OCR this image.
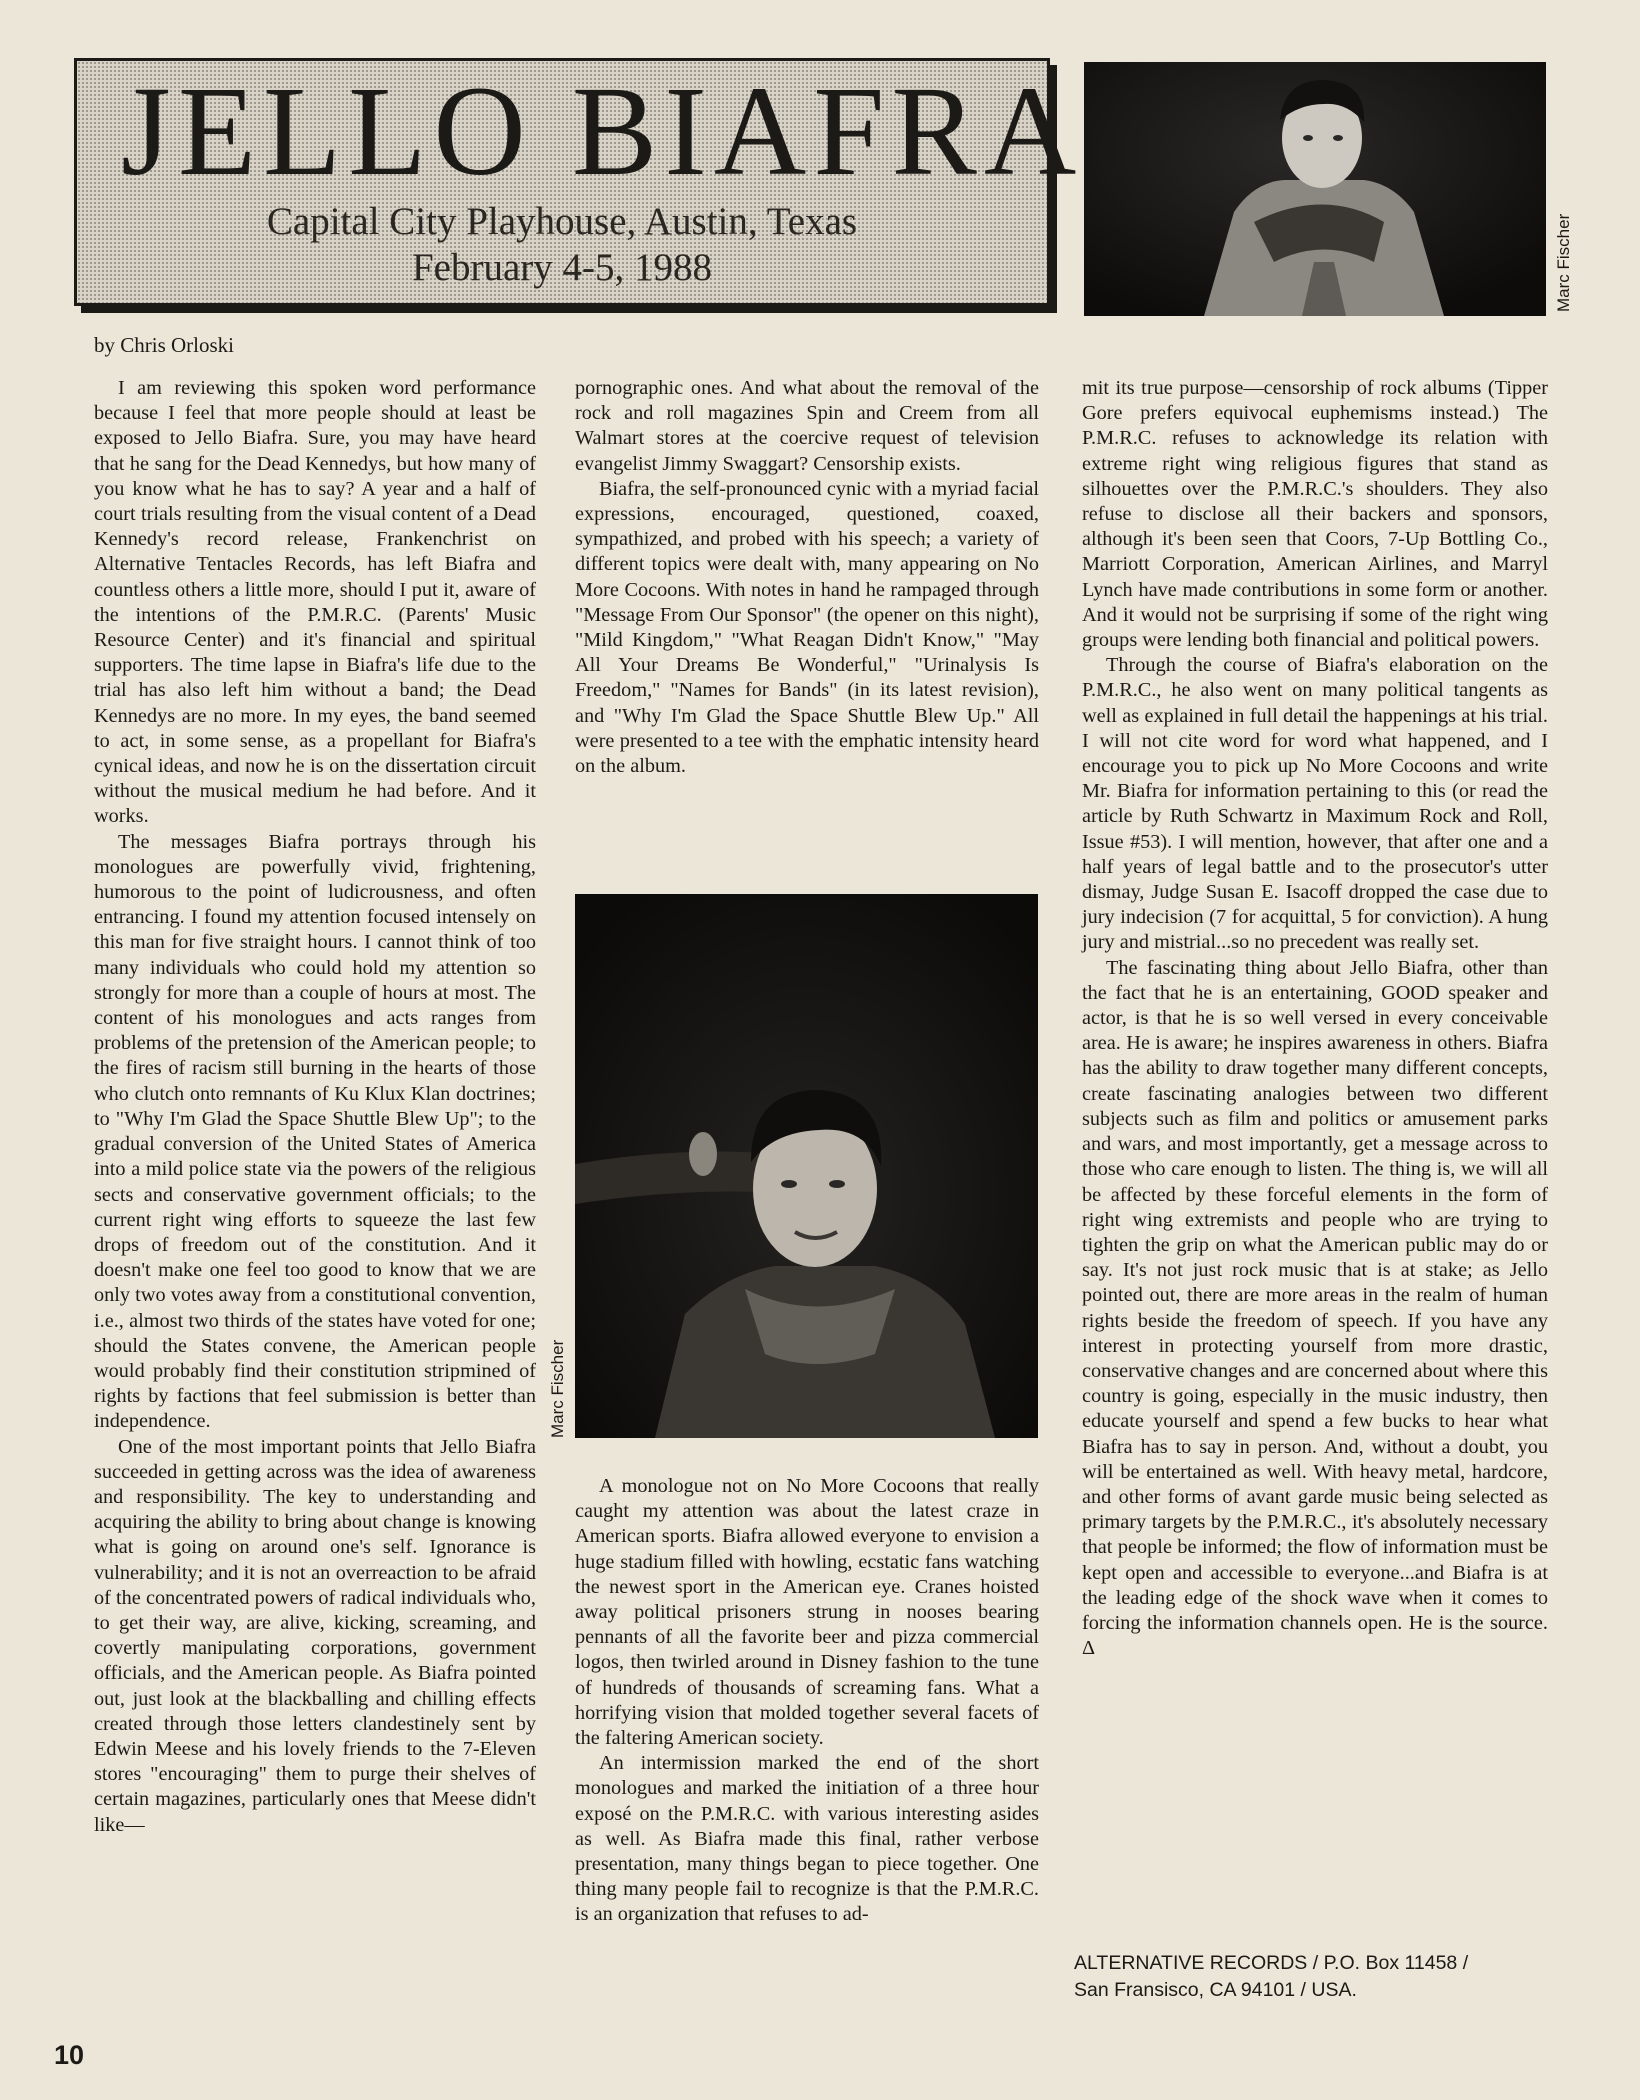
JELLO BIAFRA
Capital City Playhouse, Austin, Texas
February 4-5, 1988	Marc Fischer
by Chris Orloski

I am reviewing this spoken word performance because I feel that more people should at least be exposed to Jello Biafra. Sure, you may have heard that he sang for the Dead Kennedys, but how many of you know what he has to say? A year and a half of court trials resulting from the visual content of a Dead Kennedy's record release, Frankenchrist on Alternative Tentacles Records, has left Biafra and countless others a little more, should I put it, aware of the intentions of the P.M.R.C. (Parents' Music Resource Center) and it's financial and spiritual supporters. The time lapse in Biafra's life due to the trial has also left him without a band; the Dead Kennedys are no more. In my eyes, the band seemed to act, in some sense, as a propellant for Biafra's cynical ideas, and now he is on the dissertation circuit without the musical medium he had before. And it works.

The messages Biafra portrays through his monologues are powerfully vivid, frightening, humorous to the point of ludicrousness, and often entrancing. I found my attention focused intensely on this man for five straight hours. I cannot think of too many individuals who could hold my attention so strongly for more than a couple of hours at most. The content of his monologues and acts ranges from problems of the pretension of the American people; to the fires of racism still burning in the hearts of those who clutch onto remnants of Ku Klux Klan doctrines; to "Why I'm Glad the Space Shuttle Blew Up"; to the gradual conversion of the United States of America into a mild police state via the powers of the religious sects and conservative government officials; to the current right wing efforts to squeeze the last few drops of freedom out of the constitution. And it doesn't make one feel too good to know that we are only two votes away from a constitutional convention, i.e., almost two thirds of the states have voted for one; should the States convene, the American people would probably find their constitution stripmined of rights by factions that feel submission is better than independence.

One of the most important points that Jello Biafra succeeded in getting across was the idea of awareness and responsibility. The key to understanding and acquiring the ability to bring about change is knowing what is going on around one's self. Ignorance is vulnerability; and it is not an overreaction to be afraid of the concentrated powers of radical individuals who, to get their way, are alive, kicking, screaming, and covertly manipulating corporations, government officials, and the American people. As Biafra pointed out, just look at the blackballing and chilling effects created through those letters clandestinely sent by Edwin Meese and his lovely friends to the 7-Eleven stores "encouraging" them to purge their shelves of certain magazines, particularly ones that Meese didn't like—

pornographic ones. And what about the removal of the rock and roll magazines Spin and Creem from all Walmart stores at the coercive request of television evangelist Jimmy Swaggart? Censorship exists.

Biafra, the self-pronounced cynic with a myriad facial expressions, encouraged, questioned, coaxed, sympathized, and probed with his speech; a variety of different topics were dealt with, many appearing on No More Cocoons. With notes in hand he rampaged through "Message From Our Sponsor" (the opener on this night), "Mild Kingdom," "What Reagan Didn't Know," "May All Your Dreams Be Wonderful," "Urinalysis Is Freedom," "Names for Bands" (in its latest revision), and "Why I'm Glad the Space Shuttle Blew Up." All were presented to a tee with the emphatic intensity heard on the album.

Marc Fischer

A monologue not on No More Cocoons that really caught my attention was about the latest craze in American sports. Biafra allowed everyone to envision a huge stadium filled with howling, ecstatic fans watching the newest sport in the American eye. Cranes hoisted away political prisoners strung in nooses bearing pennants of all the favorite beer and pizza commercial logos, then twirled around in Disney fashion to the tune of hundreds of thousands of screaming fans. What a horrifying vision that molded together several facets of the faltering American society.

An intermission marked the end of the short monologues and marked the initiation of a three hour exposé on the P.M.R.C. with various interesting asides as well. As Biafra made this final, rather verbose presentation, many things began to piece together. One thing many people fail to recognize is that the P.M.R.C. is an organization that refuses to ad-

mit its true purpose—censorship of rock albums (Tipper Gore prefers equivocal euphemisms instead.) The P.M.R.C. refuses to acknowledge its relation with extreme right wing religious figures that stand as silhouettes over the P.M.R.C.'s shoulders. They also refuse to disclose all their backers and sponsors, although it's been seen that Coors, 7-Up Bottling Co., Marriott Corporation, American Airlines, and Marryl Lynch have made contributions in some form or another. And it would not be surprising if some of the right wing groups were lending both financial and political powers.

Through the course of Biafra's elaboration on the P.M.R.C., he also went on many political tangents as well as explained in full detail the happenings at his trial. I will not cite word for word what happened, and I encourage you to pick up No More Cocoons and write Mr. Biafra for information pertaining to this (or read the article by Ruth Schwartz in Maximum Rock and Roll, Issue #53). I will mention, however, that after one and a half years of legal battle and to the prosecutor's utter dismay, Judge Susan E. Isacoff dropped the case due to jury indecision (7 for acquittal, 5 for conviction). A hung jury and mistrial...so no precedent was really set.

The fascinating thing about Jello Biafra, other than the fact that he is an entertaining, GOOD speaker and actor, is that he is so well versed in every conceivable area. He is aware; he inspires awareness in others. Biafra has the ability to draw together many different concepts, create fascinating analogies between two different subjects such as film and politics or amusement parks and wars, and most importantly, get a message across to those who care enough to listen. The thing is, we will all be affected by these forceful elements in the form of right wing extremists and people who are trying to tighten the grip on what the American public may do or say. It's not just rock music that is at stake; as Jello pointed out, there are more areas in the realm of human rights beside the freedom of speech. If you have any interest in protecting yourself from more drastic, conservative changes and are concerned about where this country is going, especially in the music industry, then educate yourself and spend a few bucks to hear what Biafra has to say in person. And, without a doubt, you will be entertained as well. With heavy metal, hardcore, and other forms of avant garde music being selected as primary targets by the P.M.R.C., it's absolutely necessary that people be informed; the flow of information must be kept open and accessible to everyone...and Biafra is at the leading edge of the shock wave when it comes to forcing the information channels open. He is the source. Δ

ALTERNATIVE RECORDS / P.O. Box 11458 /
San Fransisco, CA 94101 / USA.
10
